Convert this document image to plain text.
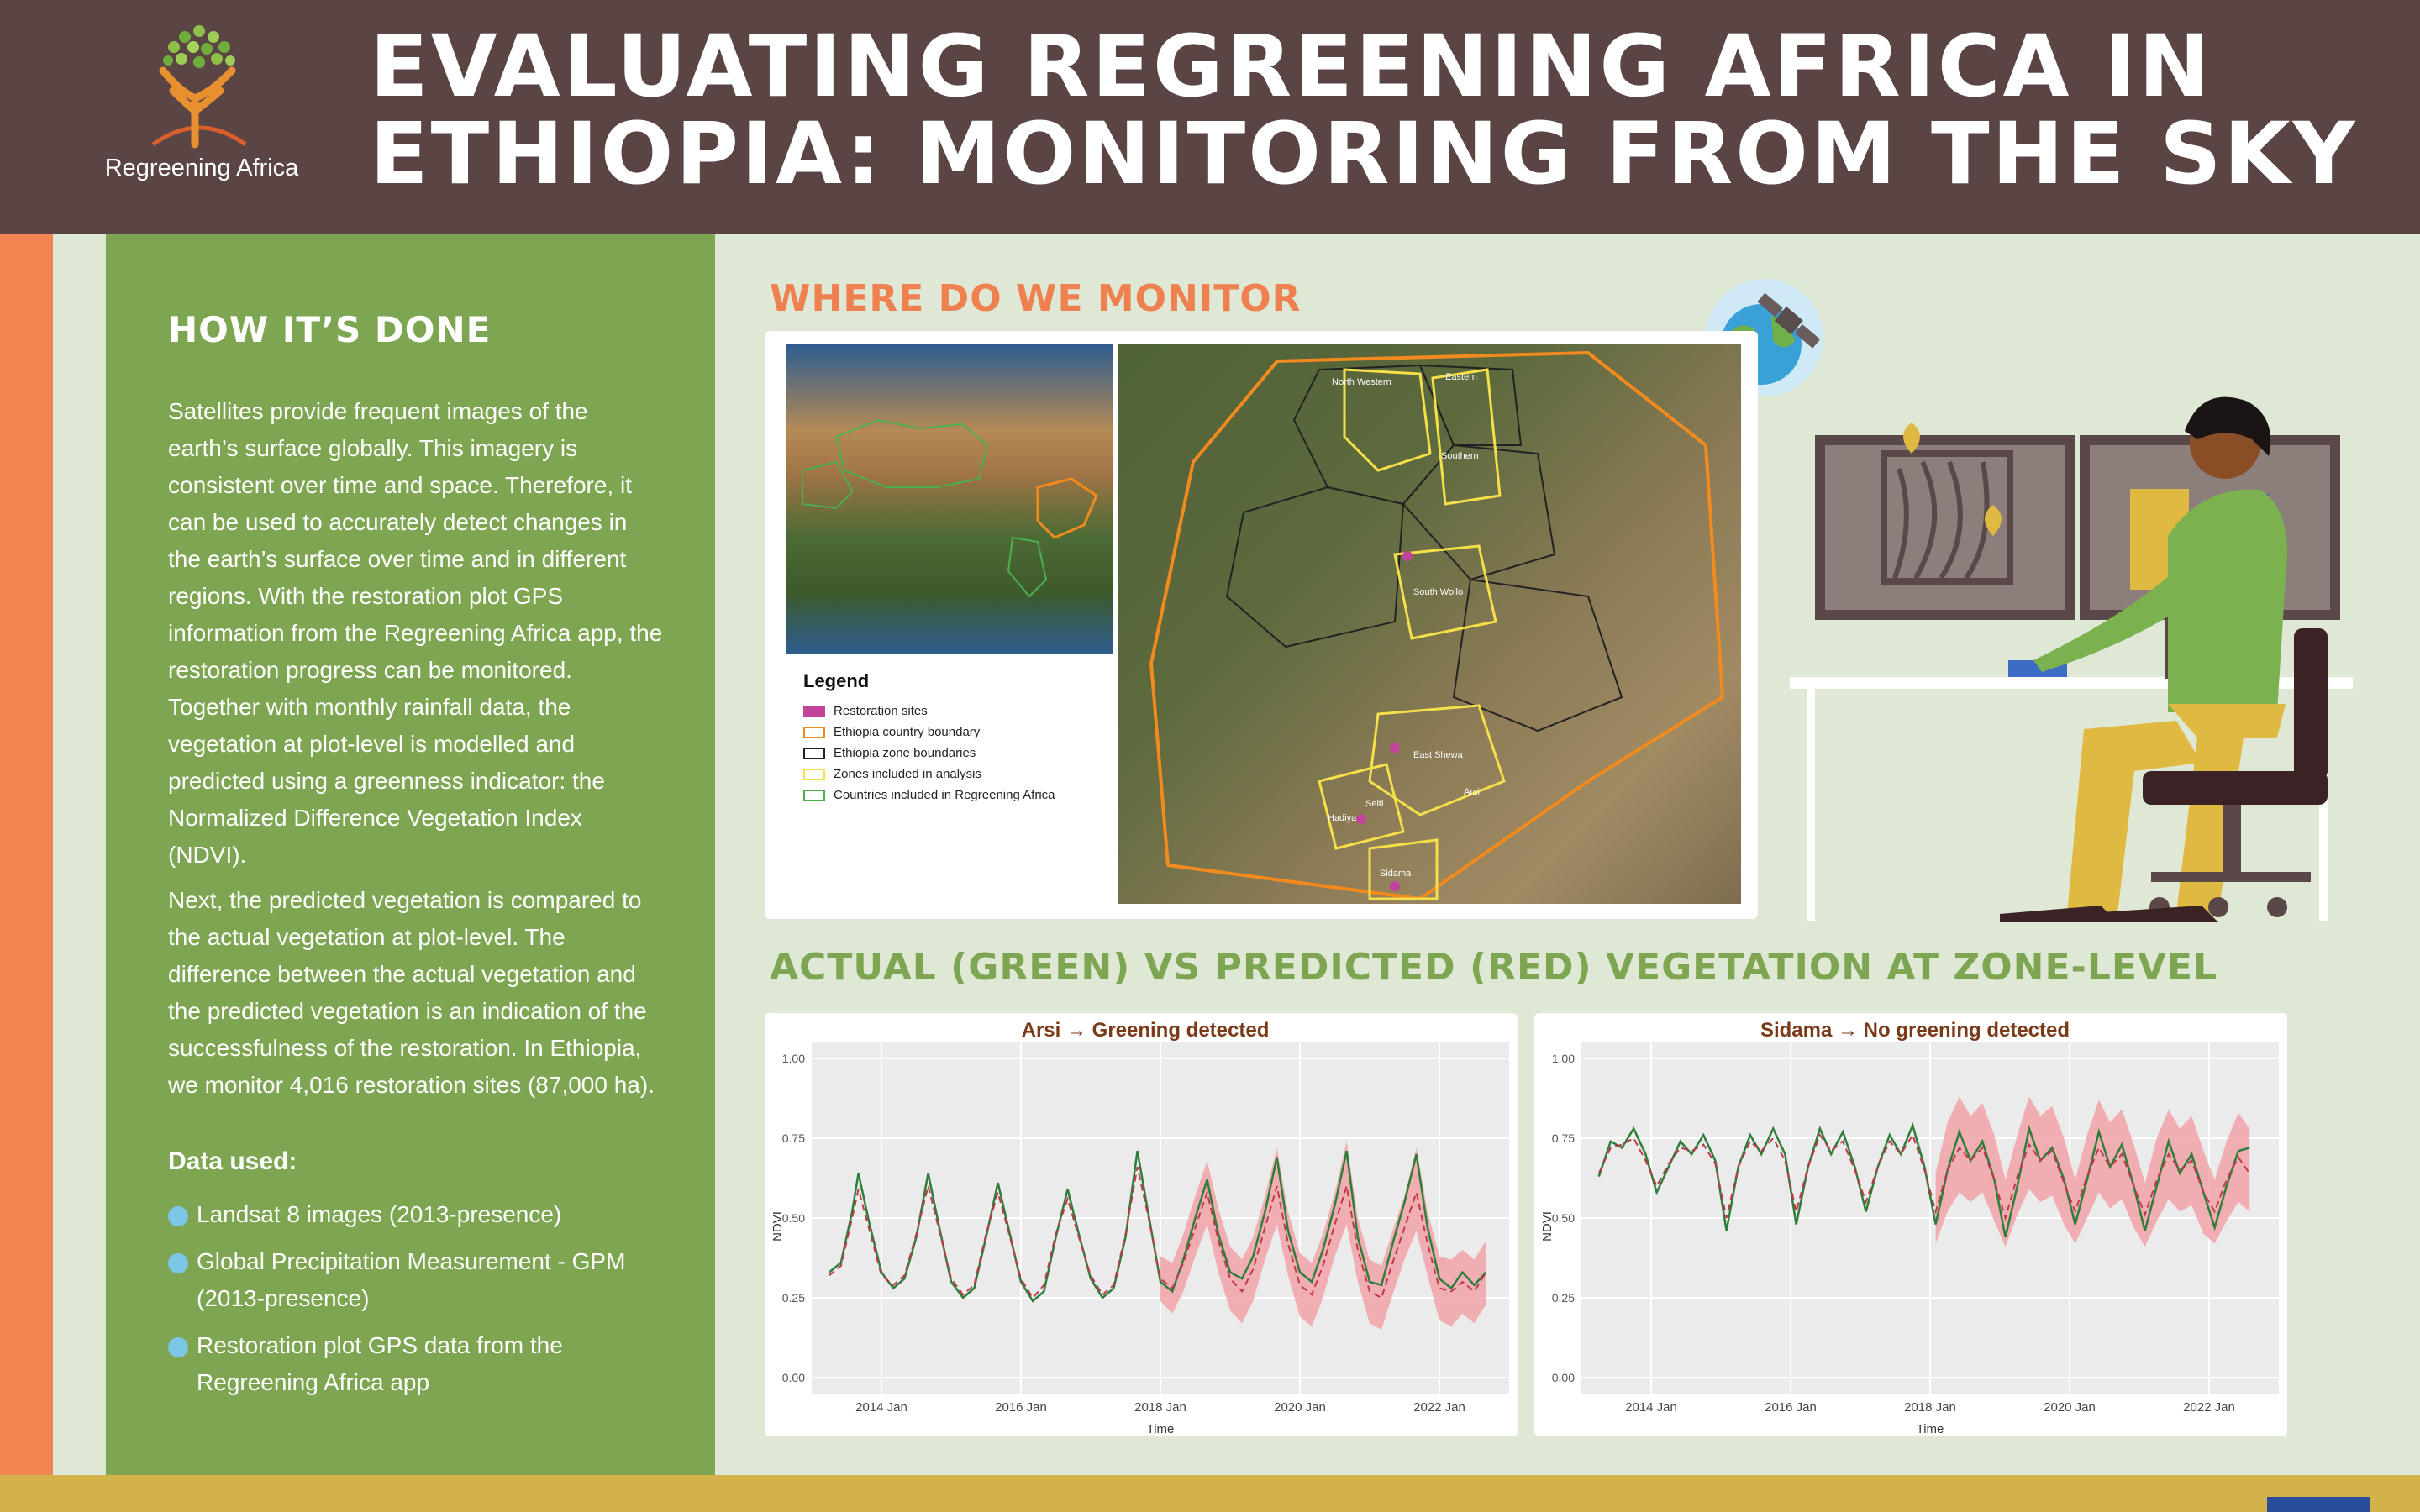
Regreening Africa
EVALUATING REGREENING AFRICA IN
ETHIOPIA: MONITORING FROM THE SKY
HOW IT’S DONE

Satellites provide frequent images of the earth’s surface globally. This imagery is consistent over time and space. Therefore, it can be used to accurately detect changes in the earth’s surface over time and in different regions. With the restoration plot GPS information from the Regreening Africa app, the restoration progress can be monitored. Together with monthly rainfall data, the vegetation at plot-level is modelled and predicted using a greenness indicator: the Normalized Difference Vegetation Index (NDVI).

Next, the predicted vegetation is compared to the actual vegetation at plot-level. The difference between the actual vegetation and the predicted vegetation is an indication of the successfulness of the restoration. In Ethiopia, we monitor 4,016 restoration sites (87,000 ha).

Data used:
Landsat 8 images (2013-presence)
Global Precipitation Measurement - GPM (2013-presence)
Restoration plot GPS data from the Regreening Africa app
WHERE DO WE MONITOR
North Western	Eastern
Southern
South Wollo
East Shewa
Arsi
Selti
Hadiya
Sidama
Legend
Restoration sites
Ethiopia country boundary
Ethiopia zone boundaries
Zones included in analysis
Countries included in Regreening Africa
ACTUAL (GREEN) VS PREDICTED (RED) VEGETATION AT ZONE-LEVEL
0.00
0.25
0.50
0.75
1.00
2014 Jan	2016 Jan	2018 Jan	2020 Jan	2022 Jan
Arsi → Greening detected
NDVI
Time
0.00
0.25
0.50
0.75
1.00
2014 Jan	2016 Jan	2018 Jan	2020 Jan	2022 Jan
Sidama → No greening detected
NDVI
Time
